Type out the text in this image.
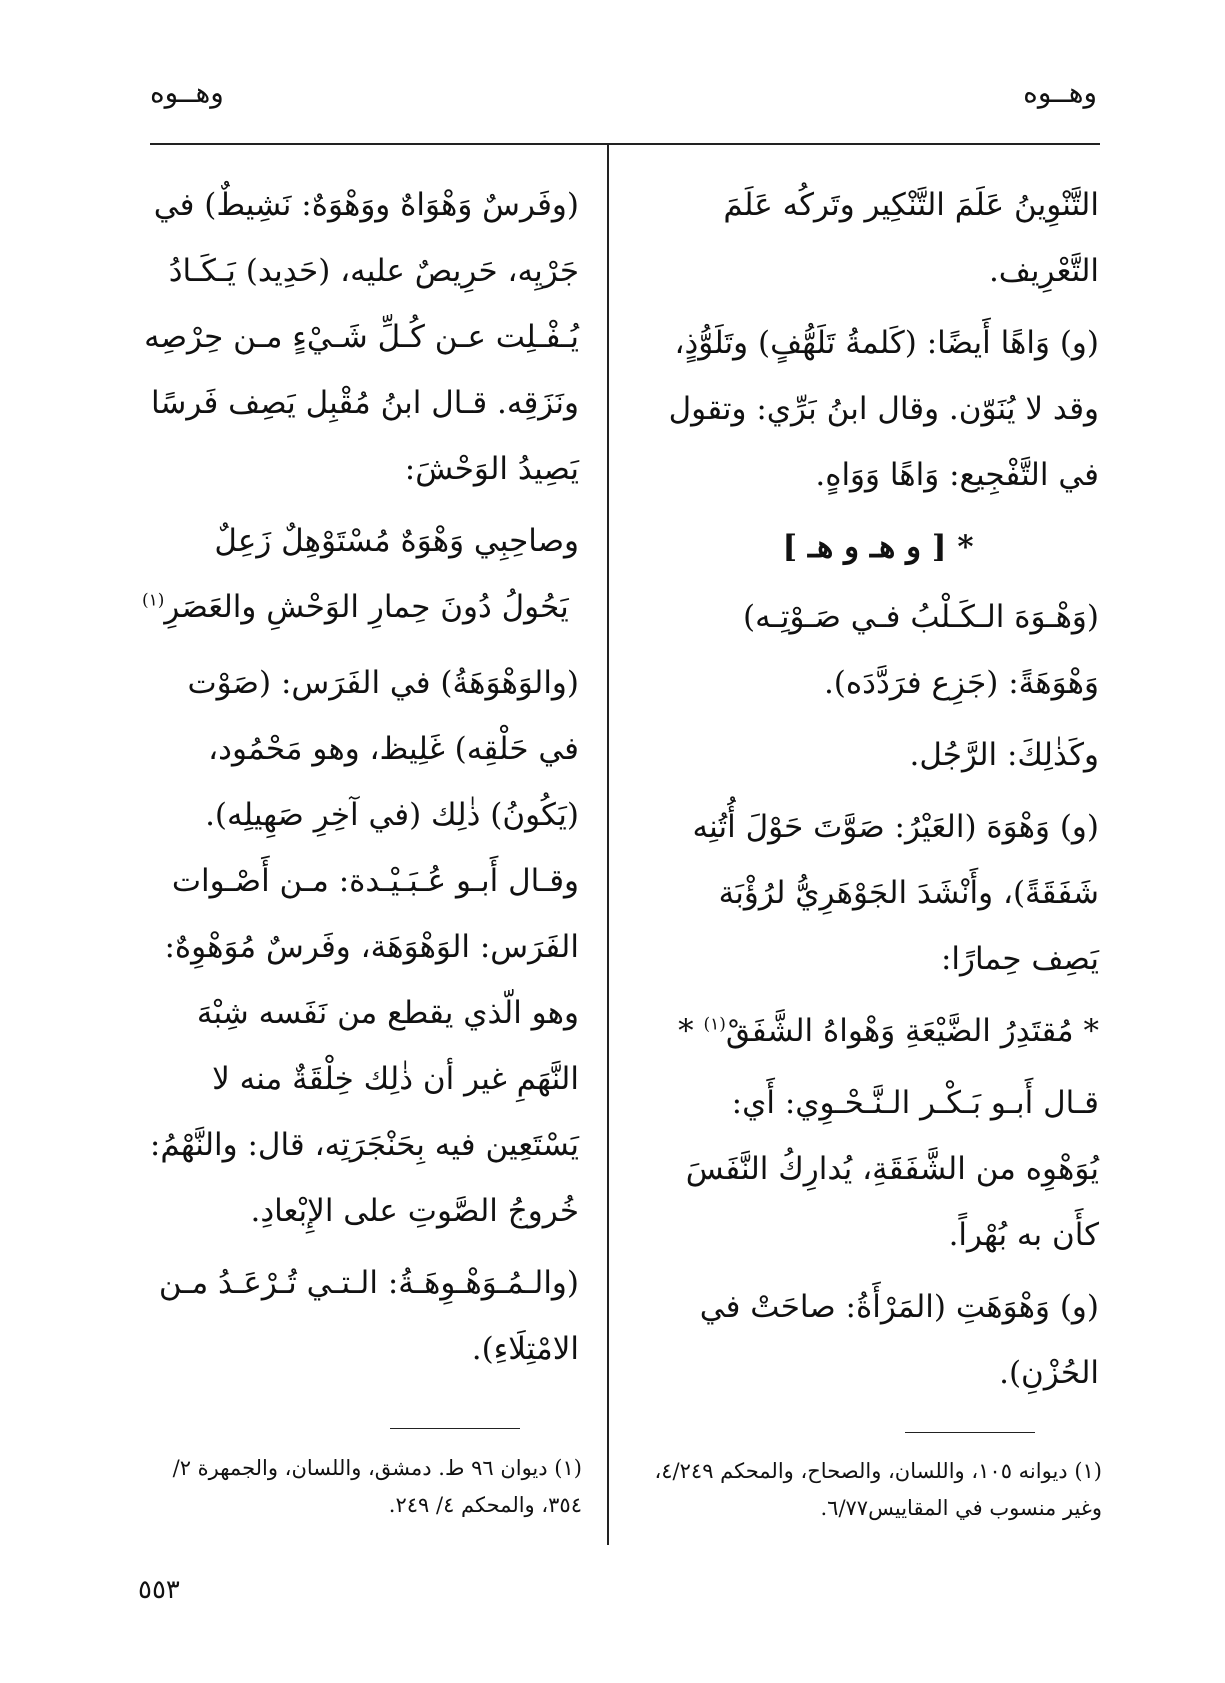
وهــوه
وهــوه

التَّنْوِينُ عَلَمَ التَّنْكِير وتَركُه عَلَمَ التَّعْرِيف.

(و) وَاهًا أَيضًا: (كَلمةُ تَلَهُّفٍ) وتَلَوُّذٍ، وقد لا يُنَوّن. وقال ابنُ بَرِّي: وتقول في التَّفْجِيع: وَاهًا وَوَاهٍ.

* [ و هـ و هـ ]

(وَهْـوَهَ الـكَـلْبُ فـي صَـوْتِـه) وَهْوَهَةً: (جَزِع فرَدَّدَه).

وكَذٰلِكَ: الرَّجُل.

(و) وَهْوَهَ (العَيْرُ: صَوَّتَ حَوْلَ أُتُنِه شَفَقَةً)، وأَنْشَدَ الجَوْهَرِيُّ لرُؤْبَة يَصِف حِمارًا:

* مُقتَدِرُ الضَّيْعَةِ وَهْواهُ الشَّفَقْ$^{(١)}$ *

قـال أَبـو بَـكْـر الـنَّـحْـوِي: أَي: يُوَهْوِه من الشَّفَقَةِ، يُدارِكُ النَّفَسَ كأَن به بُهْراً.

(و) وَهْوَهَتِ (المَرْأَةُ: صاحَتْ في الحُزْنِ).

(وفَرسٌ وَهْوَاهٌ ووَهْوَهٌ: نَشِيطٌ) في جَرْيِه، حَرِيصٌ عليه، (حَدِيد) يَـكَـادُ يُـفْـلِت عـن كُـلِّ شَـيْءٍ مـن حِرْصِه ونَزَقِه. قـال ابنُ مُقْبِل يَصِف فَرسًا يَصِيدُ الوَحْشَ:

وصاحِبِي وَهْوَهٌ مُسْتَوْهِلٌ زَعِلٌ
يَحُولُ دُونَ حِمارِ الوَحْشِ والعَصَرِ$^{(١)}$

(والوَهْوَهَةُ) في الفَرَس: (صَوْت في حَلْقِه) غَلِيظ، وهو مَحْمُود، (يَكُونُ) ذٰلِك (في آخِرِ صَهِيلِه). وقـال أَبـو عُـبَـيْـدة: مـن أَصْـوات الفَرَس: الوَهْوَهَة، وفَرسٌ مُوَهْوِهٌ: وهو الّذي يقطع من نَفَسه شِبْهَ النَّهَمِ غير أن ذٰلِك خِلْقَةٌ منه لا يَسْتَعِين فيه بِحَنْجَرَتِه، قال: والنَّهْمُ: خُروجُ الصَّوتِ على الإِبْعادِ.

(والـمُـوَهْـوِهَـةُ: الـتـي تُـرْعَـدُ مـن الامْتِلَاءِ).

(١) ديوانه ١٠٥، واللسان، والصحاح، والمحكم ٤/٢٤٩، وغير منسوب في المقاييس٦/٧٧.
(١) ديوان ٩٦ ط. دمشق، واللسان، والجمهرة ٢/ ٣٥٤، والمحكم ٤/ ٢٤٩.
٥٥٣
